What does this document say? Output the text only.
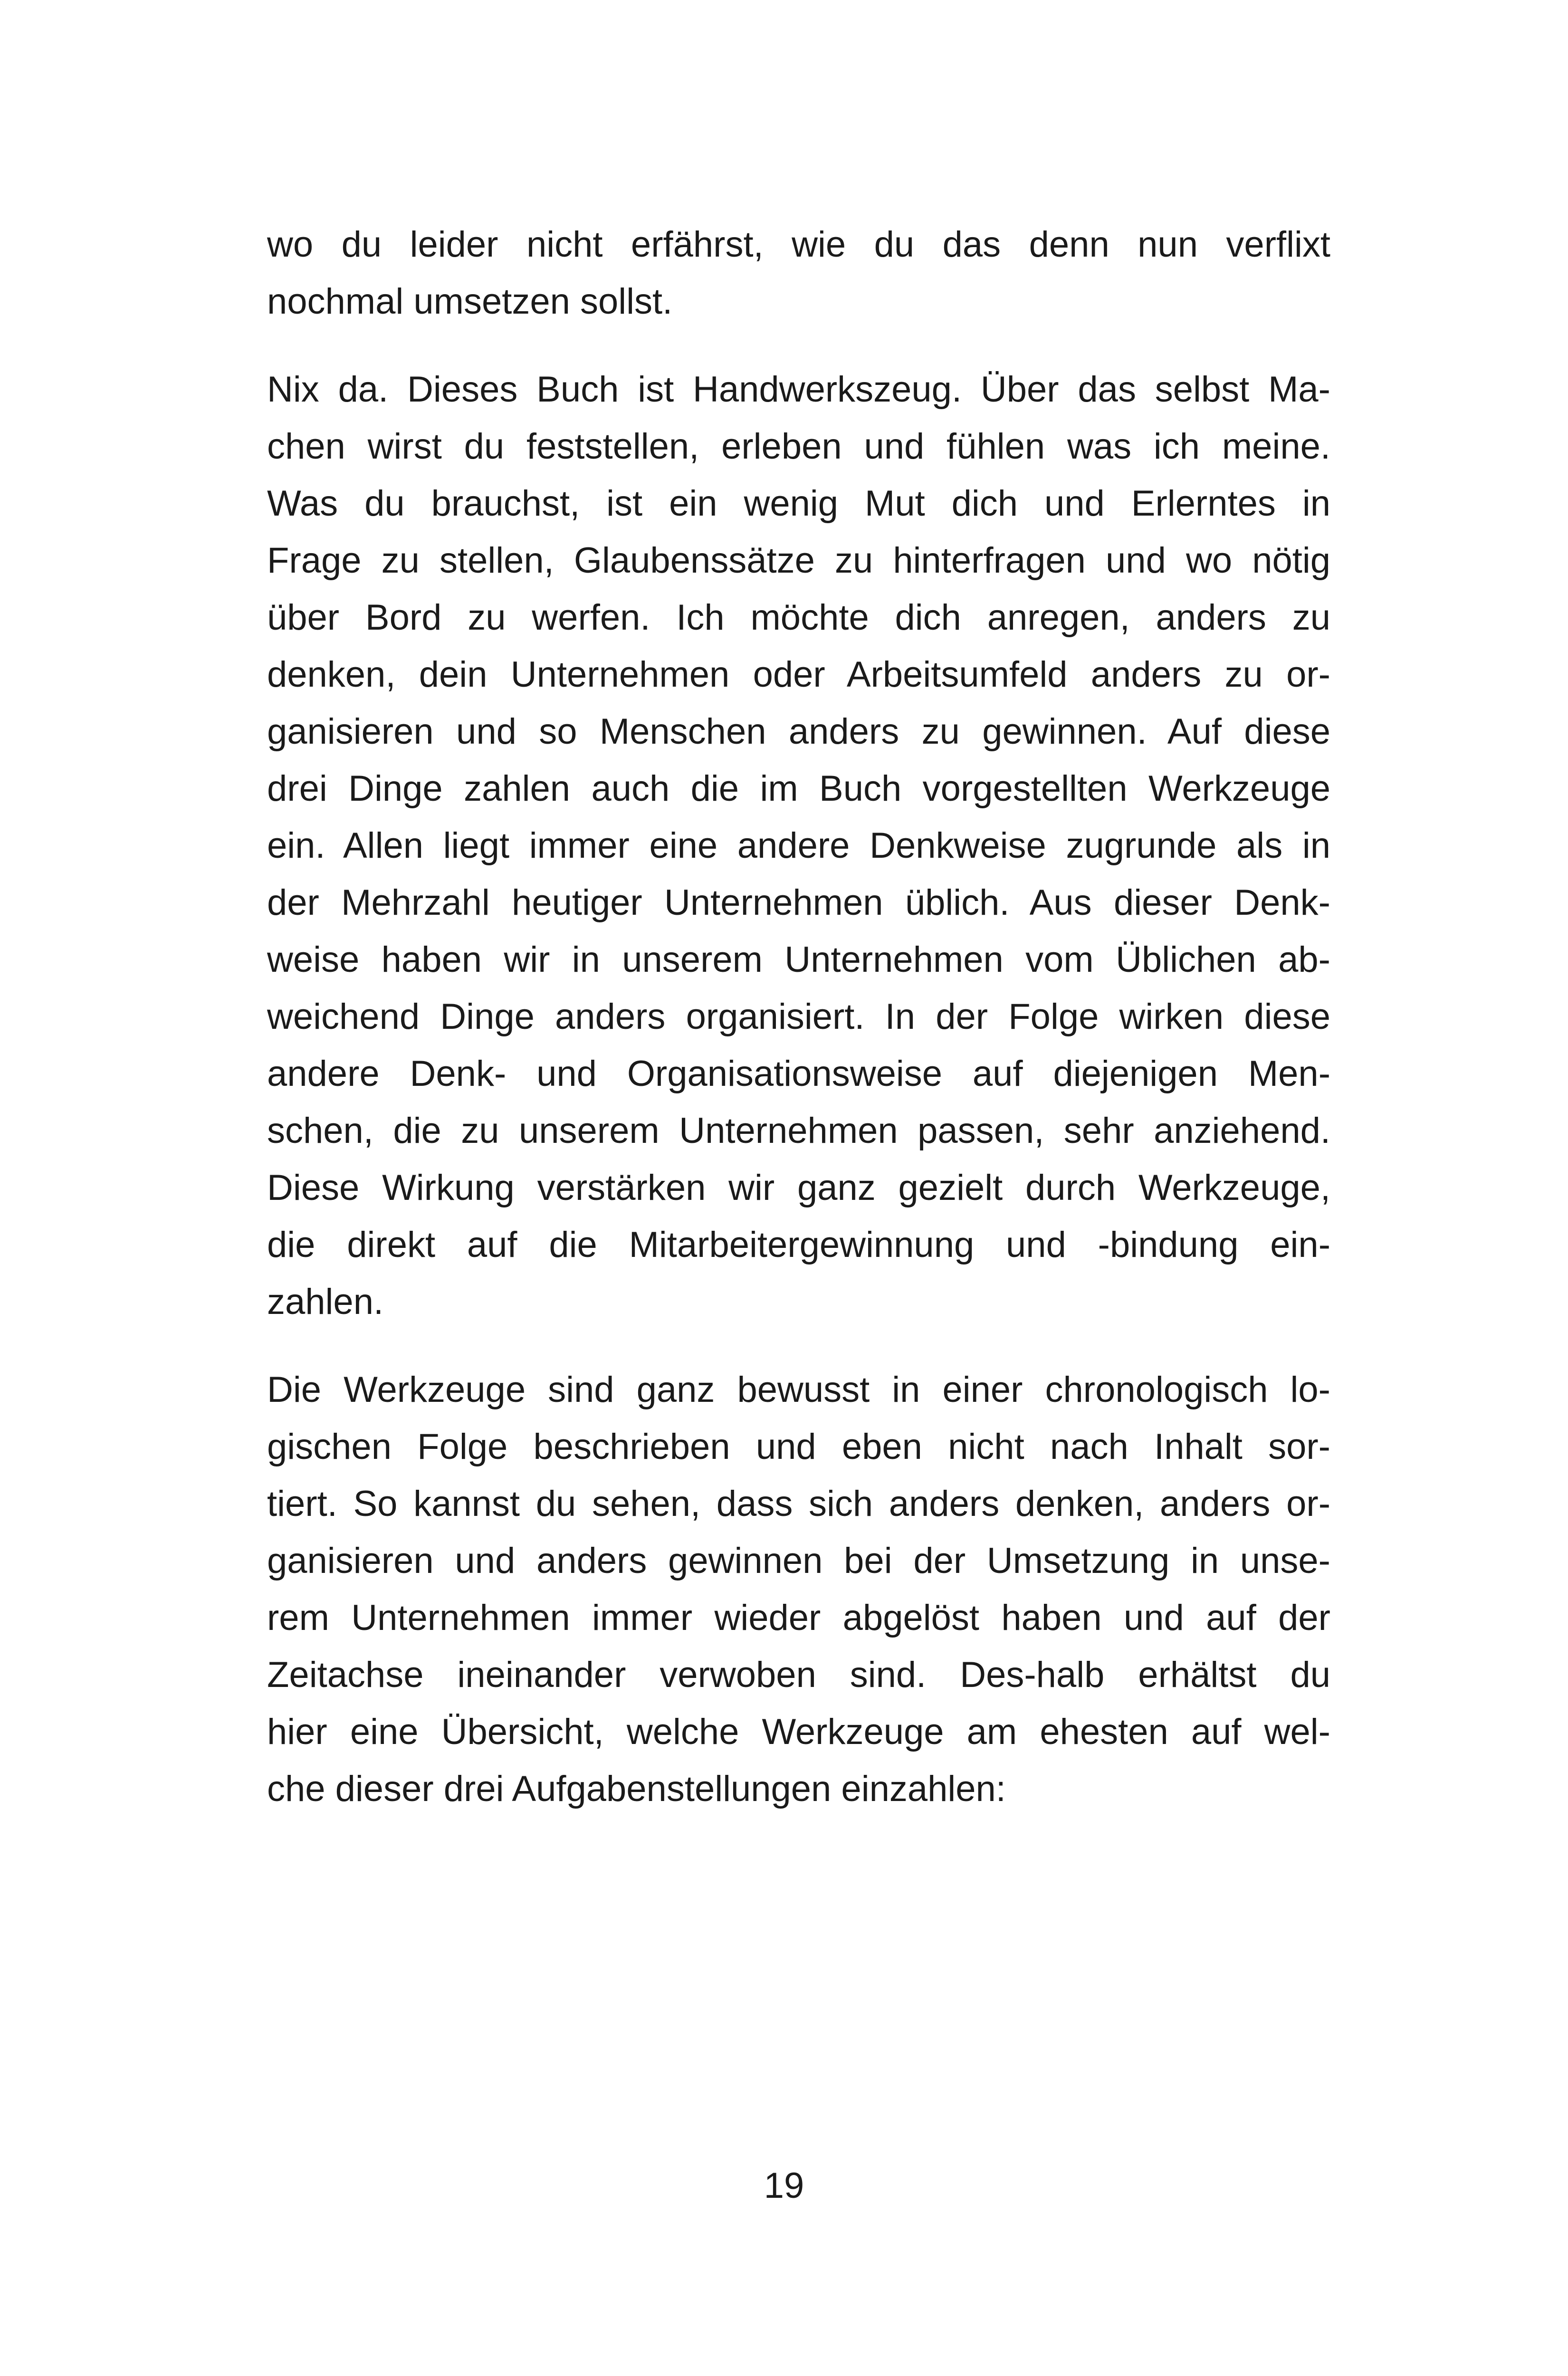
wo du leider nicht erfährst, wie du das denn nun verflixt
nochmal umsetzen sollst.
Nix da. Dieses Buch ist Handwerkszeug. Über das selbst Ma-
chen wirst du feststellen, erleben und fühlen was ich meine.
Was du brauchst, ist ein wenig Mut dich und Erlerntes in
Frage zu stellen, Glaubenssätze zu hinterfragen und wo nötig
über Bord zu werfen. Ich möchte dich anregen, anders zu
denken, dein Unternehmen oder Arbeitsumfeld anders zu or-
ganisieren und so Menschen anders zu gewinnen. Auf diese
drei Dinge zahlen auch die im Buch vorgestellten Werkzeuge
ein. Allen liegt immer eine andere Denkweise zugrunde als in
der Mehrzahl heutiger Unternehmen üblich. Aus dieser Denk-
weise haben wir in unserem Unternehmen vom Üblichen ab-
weichend Dinge anders organisiert. In der Folge wirken diese
andere Denk- und Organisationsweise auf diejenigen Men-
schen, die zu unserem Unternehmen passen, sehr anziehend.
Diese Wirkung verstärken wir ganz gezielt durch Werkzeuge,
die direkt auf die Mitarbeitergewinnung und -bindung ein-
zahlen.
Die Werkzeuge sind ganz bewusst in einer chronologisch lo-
gischen Folge beschrieben und eben nicht nach Inhalt sor-
tiert. So kannst du sehen, dass sich anders denken, anders or-
ganisieren und anders gewinnen bei der Umsetzung in unse-
rem Unternehmen immer wieder abgelöst haben und auf der
Zeitachse ineinander verwoben sind. Des-halb erhältst du
hier eine Übersicht, welche Werkzeuge am ehesten auf wel-
che dieser drei Aufgabenstellungen einzahlen:
19
